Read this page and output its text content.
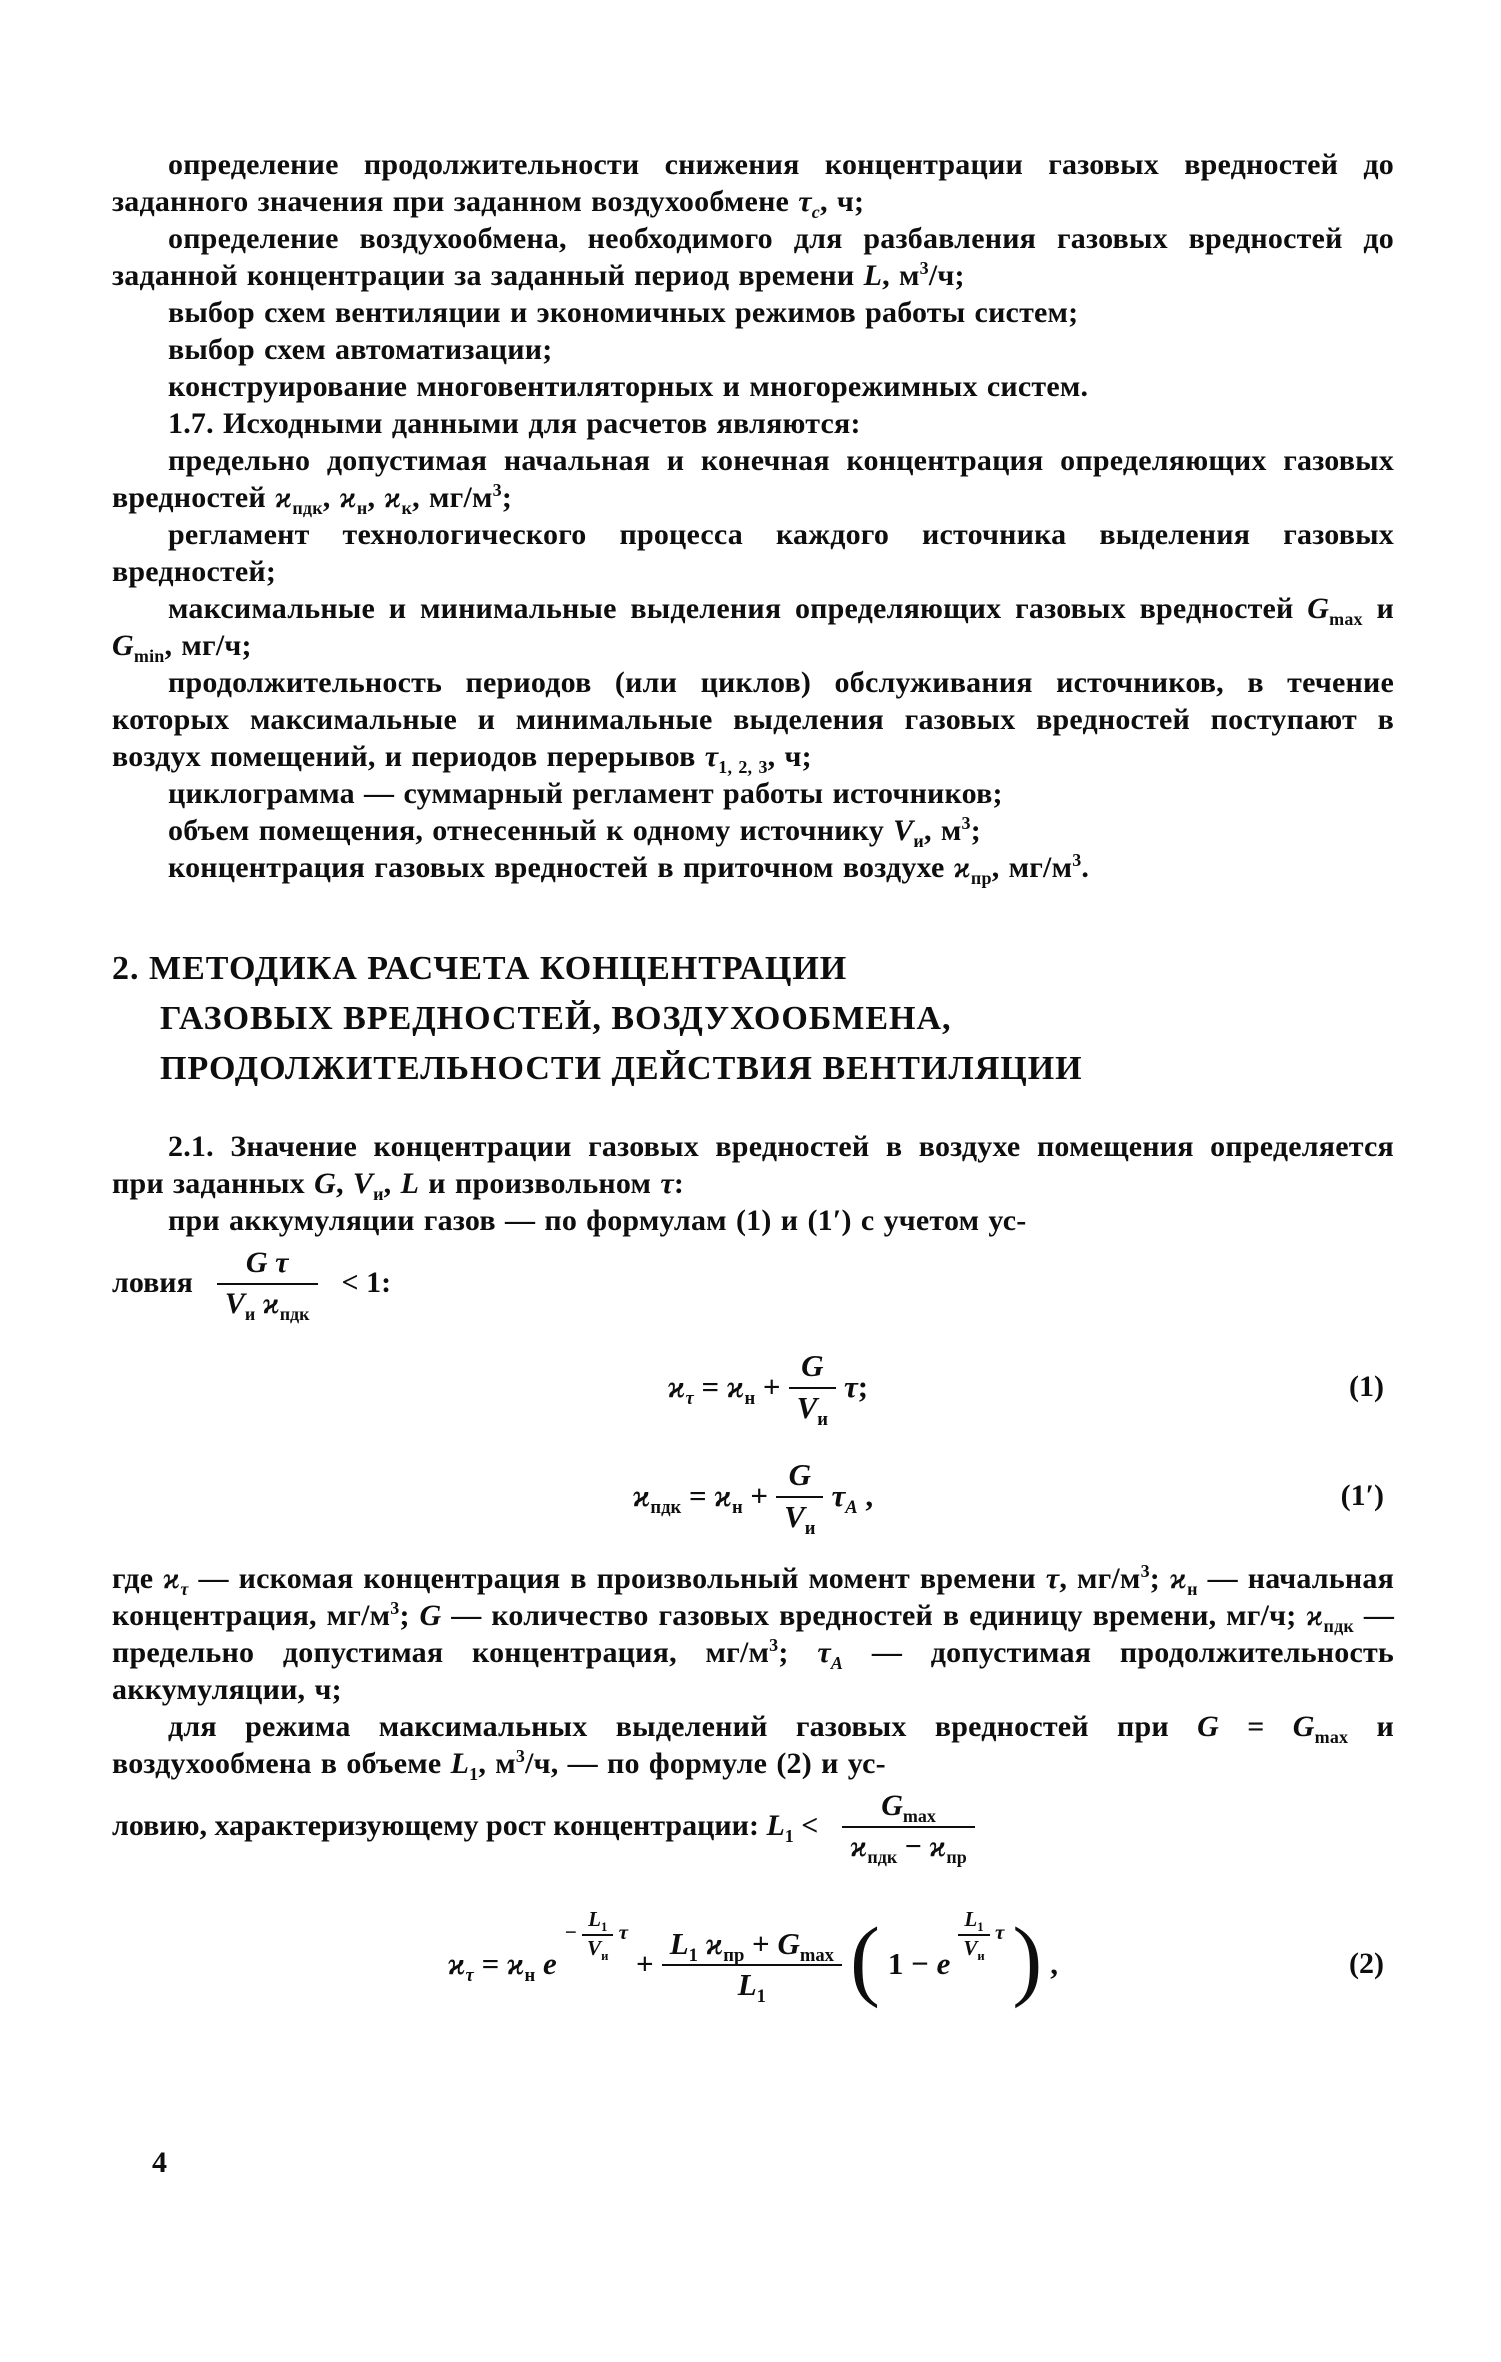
определение продолжительности снижения концентрации газовых вредностей до заданного значения при заданном воздухообмене $\tau_с$, ч;

определение воздухообмена, необходимого для разбавления газовых вредностей до заданной концентрации за заданный период времени L, $м^3/ч$;

выбор схем вентиляции и экономичных режимов работы систем;

выбор схем автоматизации;

конструирование многовентиляторных и многорежимных систем.

1.7. Исходными данными для расчетов являются:

предельно допустимая начальная и конечная концентрация определяющих газовых вредностей $ϰ_{пдк}$, $ϰ_н$, $ϰ_к$, $мг/м^3$;

регламент технологического процесса каждого источника выделения газовых вредностей;

максимальные и минимальные выделения определяющих газовых вредностей $G_{max}$ и $G_{min}$, мг/ч;

продолжительность периодов (или циклов) обслуживания источников, в течение которых максимальные и минимальные выделения газовых вредностей поступают в воздух помещений, и периодов перерывов $\tau_{1, 2, 3}$, ч;

циклограмма — суммарный регламент работы источников;

объем помещения, отнесенный к одному источнику $V_и$, $м^3$;

концентрация газовых вредностей в приточном воздухе $ϰ_{пр}$, $мг/м^3$.

2. МЕТОДИКА РАСЧЕТА КОНЦЕНТРАЦИИ
ГАЗОВЫХ ВРЕДНОСТЕЙ, ВОЗДУХООБМЕНА,
ПРОДОЛЖИТЕЛЬНОСТИ ДЕЙСТВИЯ ВЕНТИЛЯЦИИ

2.1. Значение концентрации газовых вредностей в воздухе помещения определяется при заданных G, $V_и$, L и произвольном τ:

при аккумуляции газов — по формулам (1) и (1′) с учетом ус-

ловия $\frac{\text{G τ}}{V_и ϰ_{пдк}} < 1$:
$ϰ_\tau = ϰ_н + \frac{G}{V_и} \tau$;	(1)
$ϰ_{пдк} = ϰ_н + \frac{G}{V_и} \tau_A$ ,	(1′)

где $ϰ_\tau$ — искомая концентрация в произвольный момент времени τ, $мг/м^3$; $ϰ_н$ — начальная концентрация, $мг/м^3$; G — количество газовых вредностей в единицу времени, мг/ч; $ϰ_{пдк}$ — предельно допустимая концентрация, $мг/м^3$; $\tau_А$ — допустимая продолжительность аккумуляции, ч;

для режима максимальных выделений газовых вредностей при $G = G_{max}$ и воздухообмена в объеме $L_1$, $м^3/ч$, — по формуле (2) и ус-

ловию, характеризующему рост концентрации: $L_1 < \frac{G_{max}}{ϰ_{пдк} - ϰ_{пр}}$
$ϰ_\tau = ϰ_н$ e
− $\frac{L_1}{V_и}$ τ
+ $\frac{L_1 ϰ_{пр} + G_{max}}{L_1}$ ( 1 − e
$\frac{L_1}{V_и}$ τ ) ,	(2)
4
